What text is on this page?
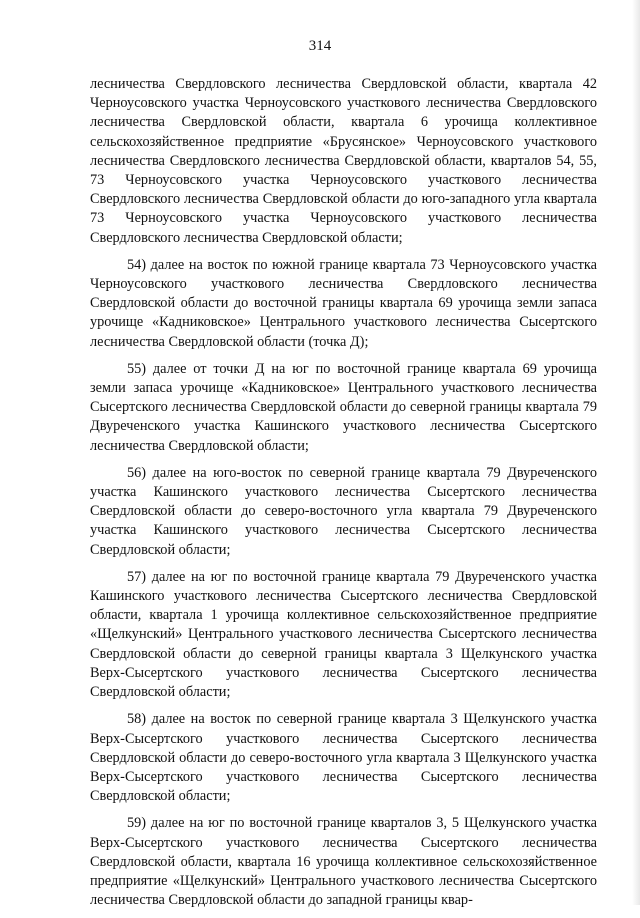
314

лесничества Свердловского лесничества Свердловской области, квартала 42 Черноусовского участка Черноусовского участкового лесничества Свердловского лесничества Свердловской области, квартала 6 урочища коллективное сельскохозяйственное предприятие «Брусянское» Черноусовского участкового лесничества Свердловского лесничества Свердловской области, кварталов 54, 55, 73 Черноусовского участка Черноусовского участкового лесничества Свердловского лесничества Свердловской области до юго-западного угла квартала 73 Черноусовского участка Черноусовского участкового лесничества Свердловского лесничества Свердловской области;

54) далее на восток по южной границе квартала 73 Черноусовского участка Черноусовского участкового лесничества Свердловского лесничества Свердловской области до восточной границы квартала 69 урочища земли запаса урочище «Кадниковское» Центрального участкового лесничества Сысертского лесничества Свердловской области (точка Д);

55) далее от точки Д на юг по восточной границе квартала 69 урочища земли запаса урочище «Кадниковское» Центрального участкового лесничества Сысертского лесничества Свердловской области до северной границы квартала 79 Двуреченского участка Кашинского участкового лесничества Сысертского лесничества Свердловской области;

56) далее на юго-восток по северной границе квартала 79 Двуреченского участка Кашинского участкового лесничества Сысертского лесничества Свердловской области до северо-восточного угла квартала 79 Двуреченского участка Кашинского участкового лесничества Сысертского лесничества Свердловской области;

57) далее на юг по восточной границе квартала 79 Двуреченского участка Кашинского участкового лесничества Сысертского лесничества Свердловской области, квартала 1 урочища коллективное сельскохозяйственное предприятие «Щелкунский» Центрального участкового лесничества Сысертского лесничества Свердловской области до северной границы квартала 3 Щелкунского участка Верх-Сысертского участкового лесничества Сысертского лесничества Свердловской области;

58) далее на восток по северной границе квартала 3 Щелкунского участка Верх-Сысертского участкового лесничества Сысертского лесничества Свердловской области до северо-восточного угла квартала 3 Щелкунского участка Верх-Сысертского участкового лесничества Сысертского лесничества Свердловской области;

59) далее на юг по восточной границе кварталов 3, 5 Щелкунского участка Верх-Сысертского участкового лесничества Сысертского лесничества Свердловской области, квартала 16 урочища коллективное сельскохозяйственное предприятие «Щелкунский» Центрального участкового лесничества Сысертского лесничества Свердловской области до западной границы квар-
